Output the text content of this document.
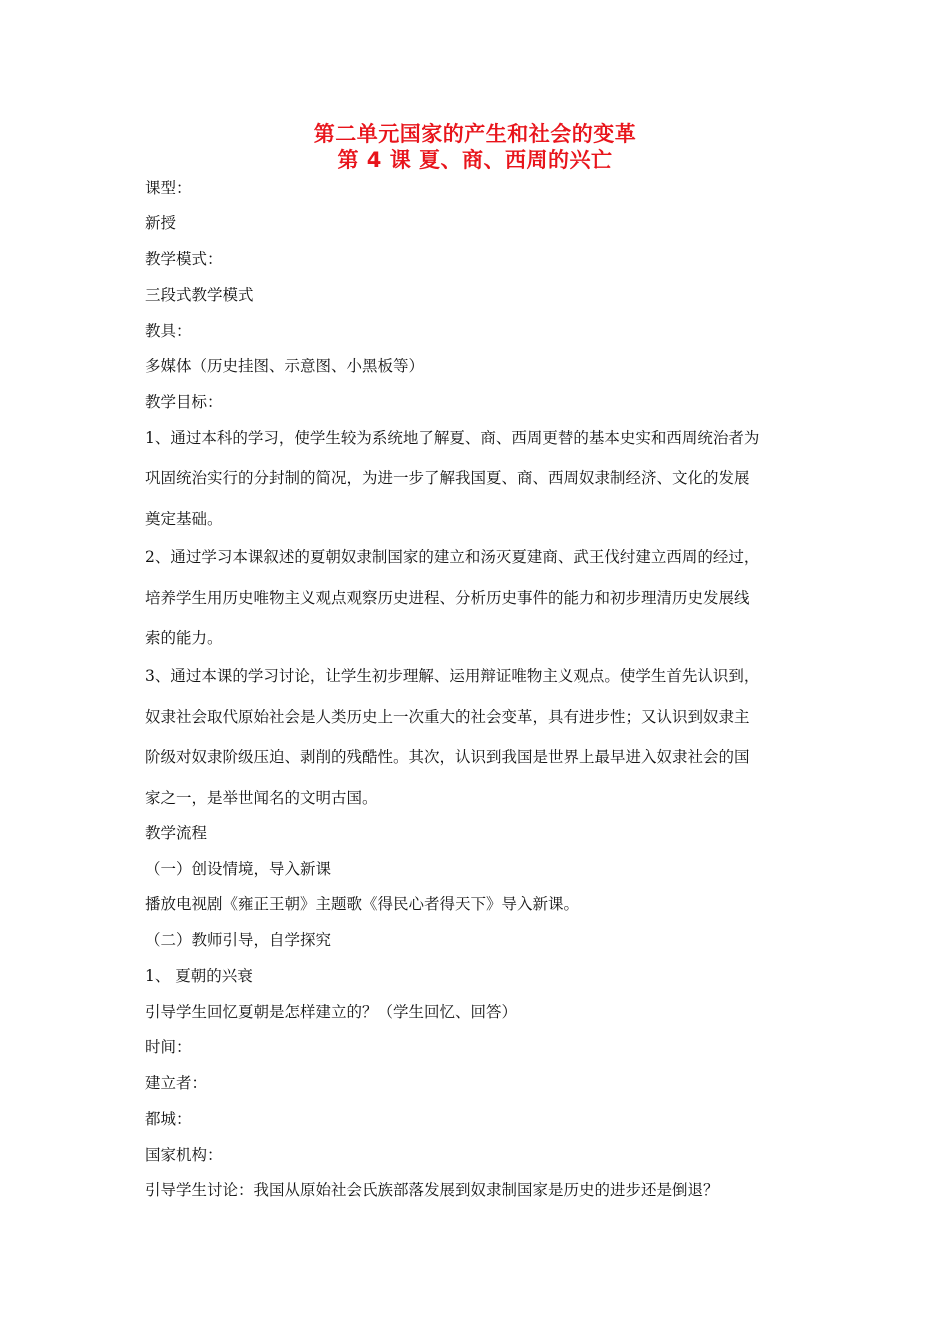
第二单元国家的产生和社会的变革
第 4 课 夏、商、西周的兴亡
课型：
新授
教学模式：
三段式教学模式
教具：
多媒体（历史挂图、示意图、小黑板等）
教学目标：
1、通过本科的学习，使学生较为系统地了解夏、商、西周更替的基本史实和西周统治者为
巩固统治实行的分封制的简况，为进一步了解我国夏、商、西周奴隶制经济、文化的发展
奠定基础。
2、通过学习本课叙述的夏朝奴隶制国家的建立和汤灭夏建商、武王伐纣建立西周的经过，
培养学生用历史唯物主义观点观察历史进程、分析历史事件的能力和初步理清历史发展线
索的能力。
3、通过本课的学习讨论，让学生初步理解、运用辩证唯物主义观点。使学生首先认识到，
奴隶社会取代原始社会是人类历史上一次重大的社会变革，具有进步性；又认识到奴隶主
阶级对奴隶阶级压迫、剥削的残酷性。其次，认识到我国是世界上最早进入奴隶社会的国
家之一，是举世闻名的文明古国。
教学流程
（一）创设情境，导入新课
播放电视剧《雍正王朝》主题歌《得民心者得天下》导入新课。
（二）教师引导，自学探究
1、 夏朝的兴衰
引导学生回忆夏朝是怎样建立的？（学生回忆、回答）
时间：
建立者：
都城：
国家机构：
引导学生讨论：我国从原始社会氏族部落发展到奴隶制国家是历史的进步还是倒退？
